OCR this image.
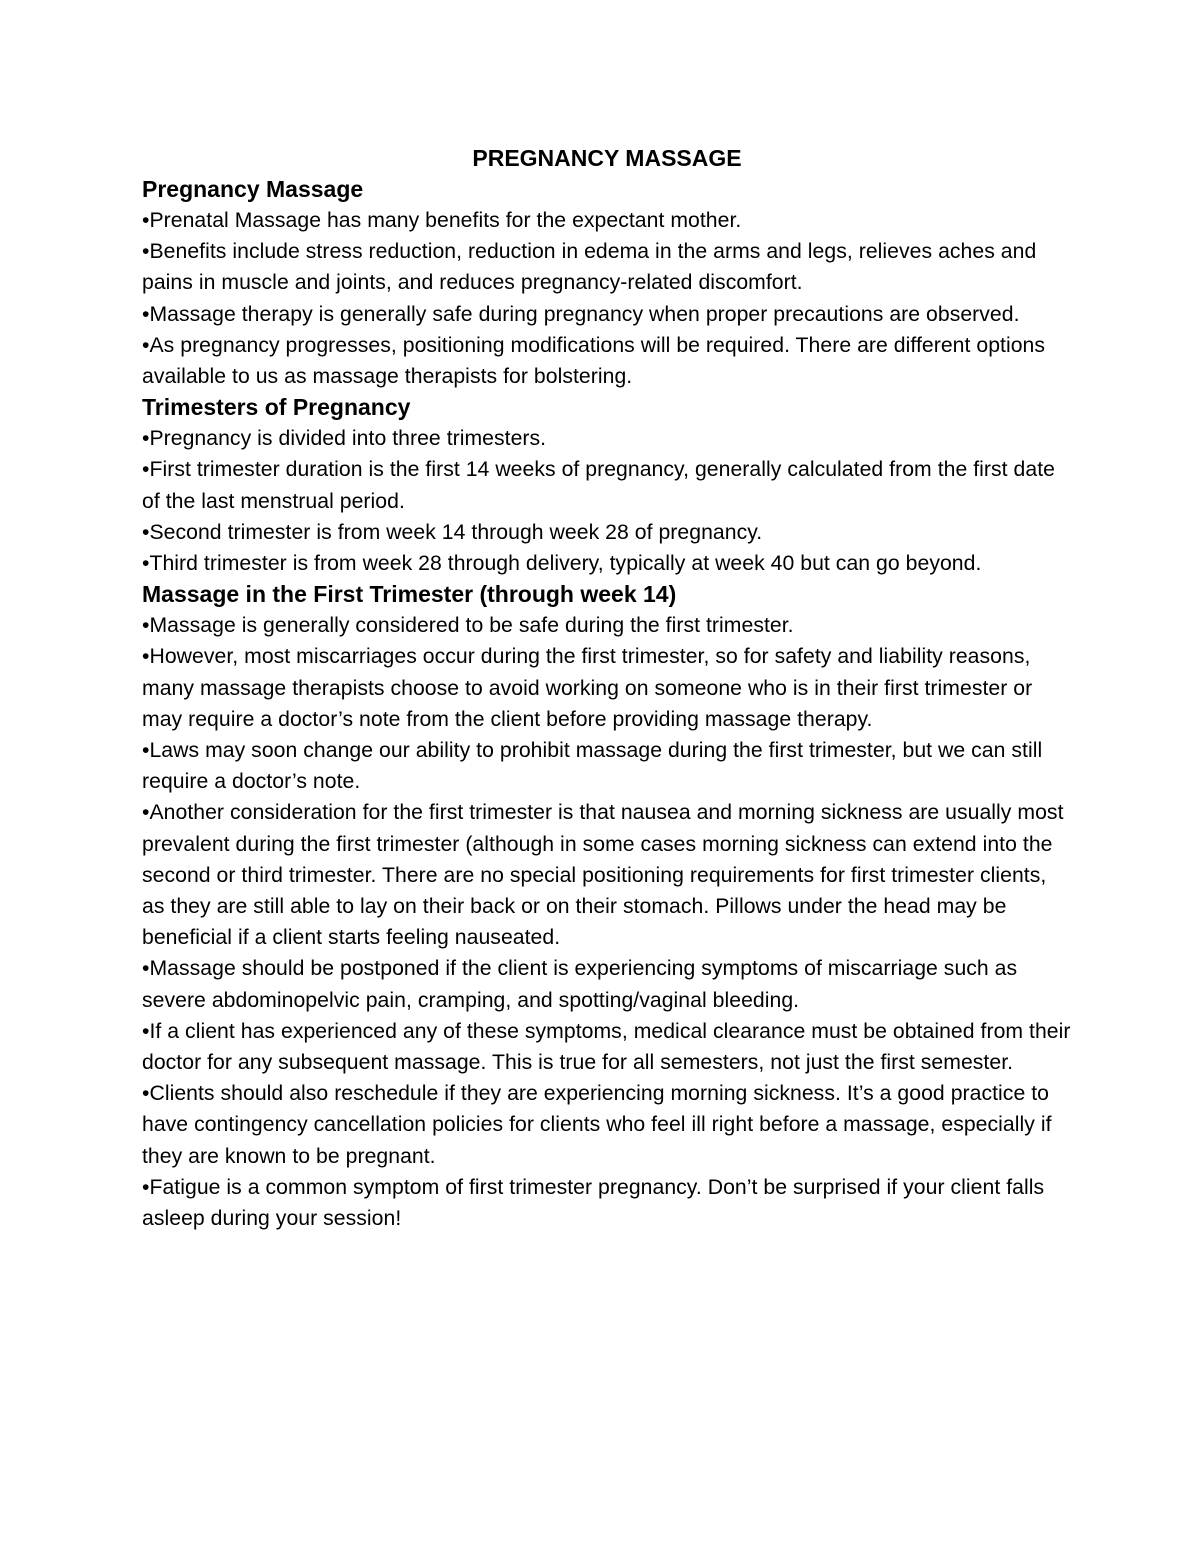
PREGNANCY MASSAGE
Pregnancy Massage
•Prenatal Massage has many benefits for the expectant mother.
•Benefits include stress reduction, reduction in edema in the arms and legs, relieves aches and pains in muscle and joints, and reduces pregnancy-related discomfort.
•Massage therapy is generally safe during pregnancy when proper precautions are observed.
•As pregnancy progresses, positioning modifications will be required. There are different options available to us as massage therapists for bolstering.
Trimesters of Pregnancy
•Pregnancy is divided into three trimesters.
•First trimester duration is the first 14 weeks of pregnancy, generally calculated from the first date of the last menstrual period.
•Second trimester is from week 14 through week 28 of pregnancy.
•Third trimester is from week 28 through delivery, typically at week 40 but can go beyond.
Massage in the First Trimester (through week 14)
•Massage is generally considered to be safe during the first trimester.
•However, most miscarriages occur during the first trimester, so for safety and liability reasons, many massage therapists choose to avoid working on someone who is in their first trimester or may require a doctor’s note from the client before providing massage therapy.
•Laws may soon change our ability to prohibit massage during the first trimester, but we can still require a doctor’s note.
•Another consideration for the first trimester is that nausea and morning sickness are usually most prevalent during the first trimester (although in some cases morning sickness can extend into the second or third trimester. There are no special positioning requirements for first trimester clients, as they are still able to lay on their back or on their stomach. Pillows under the head may be beneficial if a client starts feeling nauseated.
•Massage should be postponed if the client is experiencing symptoms of miscarriage such as severe abdominopelvic pain, cramping, and spotting/vaginal bleeding.
•If a client has experienced any of these symptoms, medical clearance must be obtained from their doctor for any subsequent massage. This is true for all semesters, not just the first semester.
•Clients should also reschedule if they are experiencing morning sickness. It’s a good practice to have contingency cancellation policies for clients who feel ill right before a massage, especially if they are known to be pregnant.
•Fatigue is a common symptom of first trimester pregnancy. Don’t be surprised if your client falls asleep during your session!
